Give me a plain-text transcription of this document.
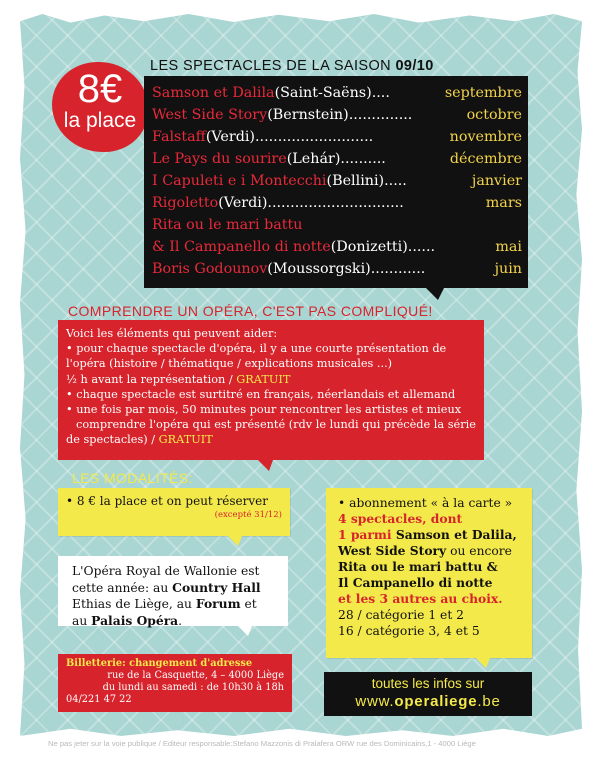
8€
la place
LES SPECTACLES DE LA SAISON 09/10
Samson et Dalila (Saint-Saëns) ....	septembre
West Side Story (Bernstein) ..............	octobre
Falstaff (Verdi) ..........................	novembre
Le Pays du sourire (Lehár) ..........	décembre
I Capuleti e i Montecchi (Bellini) .....	janvier
Rigoletto (Verdi) ..............................	mars
Rita ou le mari battu
& Il Campanello di notte (Donizetti) ......	mai
Boris Godounov (Moussorgski) ............	juin
COMPRENDRE UN OPÉRA, C'EST PAS COMPLIQUÉ!
Voici les éléments qui peuvent aider:
• pour chaque spectacle d'opéra, il y a une courte présentation de
l'opéra (histoire / thématique / explications musicales ...)
½ h avant la représentation / GRATUIT
• chaque spectacle est surtitré en français, néerlandais et allemand
• une fois par mois, 50 minutes pour rencontrer les artistes et mieux
comprendre l'opéra qui est présenté (rdv le lundi qui précède la série
de spectacles) / GRATUIT
LES MODALITÉS:
• 8 € la place et on peut réserver
(excepté 31/12)
L'Opéra Royal de Wallonie est
cette année: au Country Hall
Ethias de Liège, au Forum et
au Palais Opéra.
• abonnement « à la carte »
4 spectacles, dont
1 parmi Samson et Dalila,
West Side Story ou encore
Rita ou le mari battu &
Il Campanello di notte
et les 3 autres au choix.
28 / catégorie 1 et 2
16 / catégorie 3, 4 et 5
Billetterie: changement d'adresse
rue de la Casquette, 4 – 4000 Liège
du lundi au samedi : de 10h30 à 18h
04/221 47 22
toutes les infos sur
www.operaliege.be
Ne pas jeter sur la voie publique / Editeur responsable:Stefano Mazzonis di Pralafera ORW rue des Dominicains,1 - 4000 Liège
